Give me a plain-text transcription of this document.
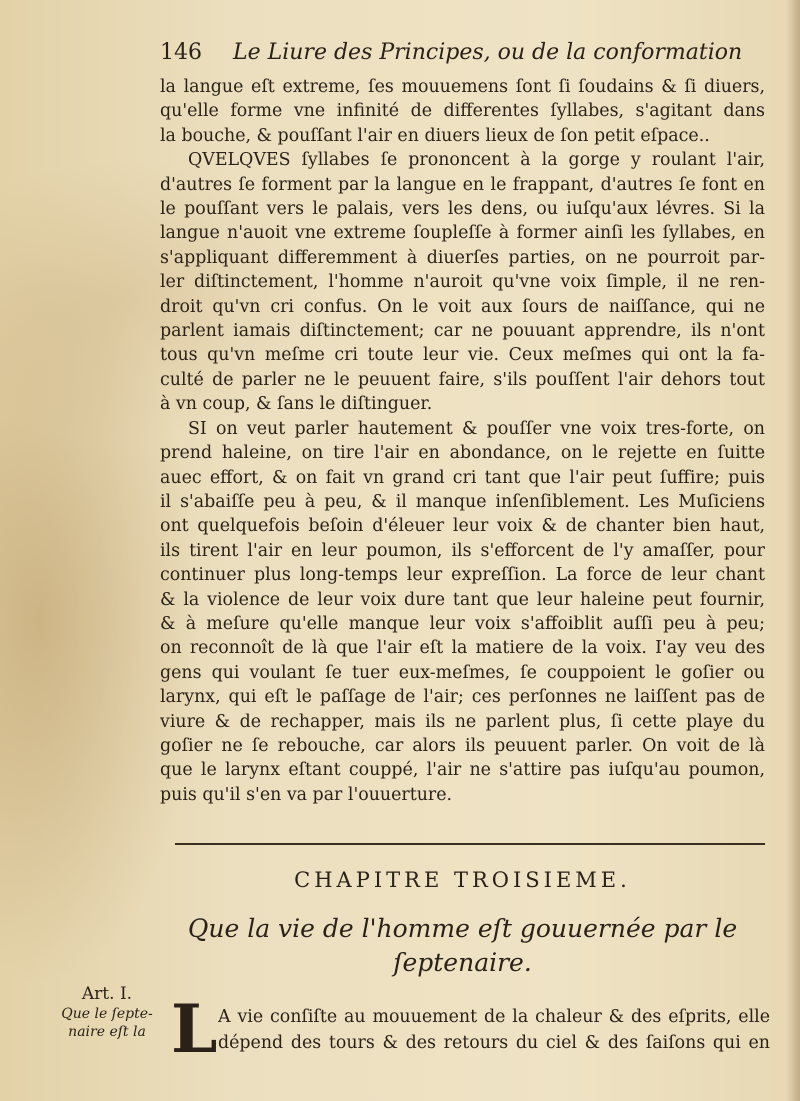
146 Le Liure des Principes, ou de la conformation
la langue eſt extreme, ſes mouuemens ſont ſi ſoudains & ſi diuers,
qu'elle forme vne infinité de differentes ſyllabes, s'agitant dans
la bouche, & pouſſant l'air en diuers lieux de ſon petit eſpace..
QVELQVES ſyllabes ſe prononcent à la gorge y roulant l'air,
d'autres ſe forment par la langue en le frappant, d'autres ſe font en
le pouſſant vers le palais, vers les dens, ou iuſqu'aux lévres. Si la
langue n'auoit vne extreme ſoupleſſe à former ainſi les ſyllabes, en
s'appliquant differemment à diuerſes parties, on ne pourroit par-
ler diſtinctement, l'homme n'auroit qu'vne voix ſimple, il ne ren-
droit qu'vn cri confus. On le voit aux ſours de naiſſance, qui ne
parlent iamais diſtinctement; car ne pouuant apprendre, ils n'ont
tous qu'vn meſme cri toute leur vie. Ceux meſmes qui ont la fa-
culté de parler ne le peuuent faire, s'ils pouſſent l'air dehors tout
à vn coup, & ſans le diſtinguer.
SI on veut parler hautement & pouſſer vne voix tres-forte, on
prend haleine, on tire l'air en abondance, on le rejette en ſuitte
auec effort, & on fait vn grand cri tant que l'air peut ſuffire; puis
il s'abaiſſe peu à peu, & il manque inſenſiblement. Les Muſiciens
ont quelquefois beſoin d'éleuer leur voix & de chanter bien haut,
ils tirent l'air en leur poumon, ils s'efforcent de l'y amaſſer, pour
continuer plus long-temps leur expreſſion. La force de leur chant
& la violence de leur voix dure tant que leur haleine peut fournir,
& à meſure qu'elle manque leur voix s'affoiblit auſſi peu à peu;
on reconnoît de là que l'air eſt la matiere de la voix. I'ay veu des
gens qui voulant ſe tuer eux-meſmes, ſe couppoient le goſier ou
larynx, qui eſt le paſſage de l'air; ces perſonnes ne laiſſent pas de
viure & de rechapper, mais ils ne parlent plus, ſi cette playe du
goſier ne ſe rebouche, car alors ils peuuent parler. On voit de là
que le larynx eſtant couppé, l'air ne s'attire pas iuſqu'au poumon,
puis qu'il s'en va par l'ouuerture.
CHAPITRE TROISIEME.
Que la vie de l'homme eſt gouuernée par le
ſeptenaire.
Art. I.
Que le ſepte-
naire eſt la L A vie conſiſte au mouuement de la chaleur & des eſprits, elle
dépend des tours & des retours du ciel & des ſaiſons qui en
